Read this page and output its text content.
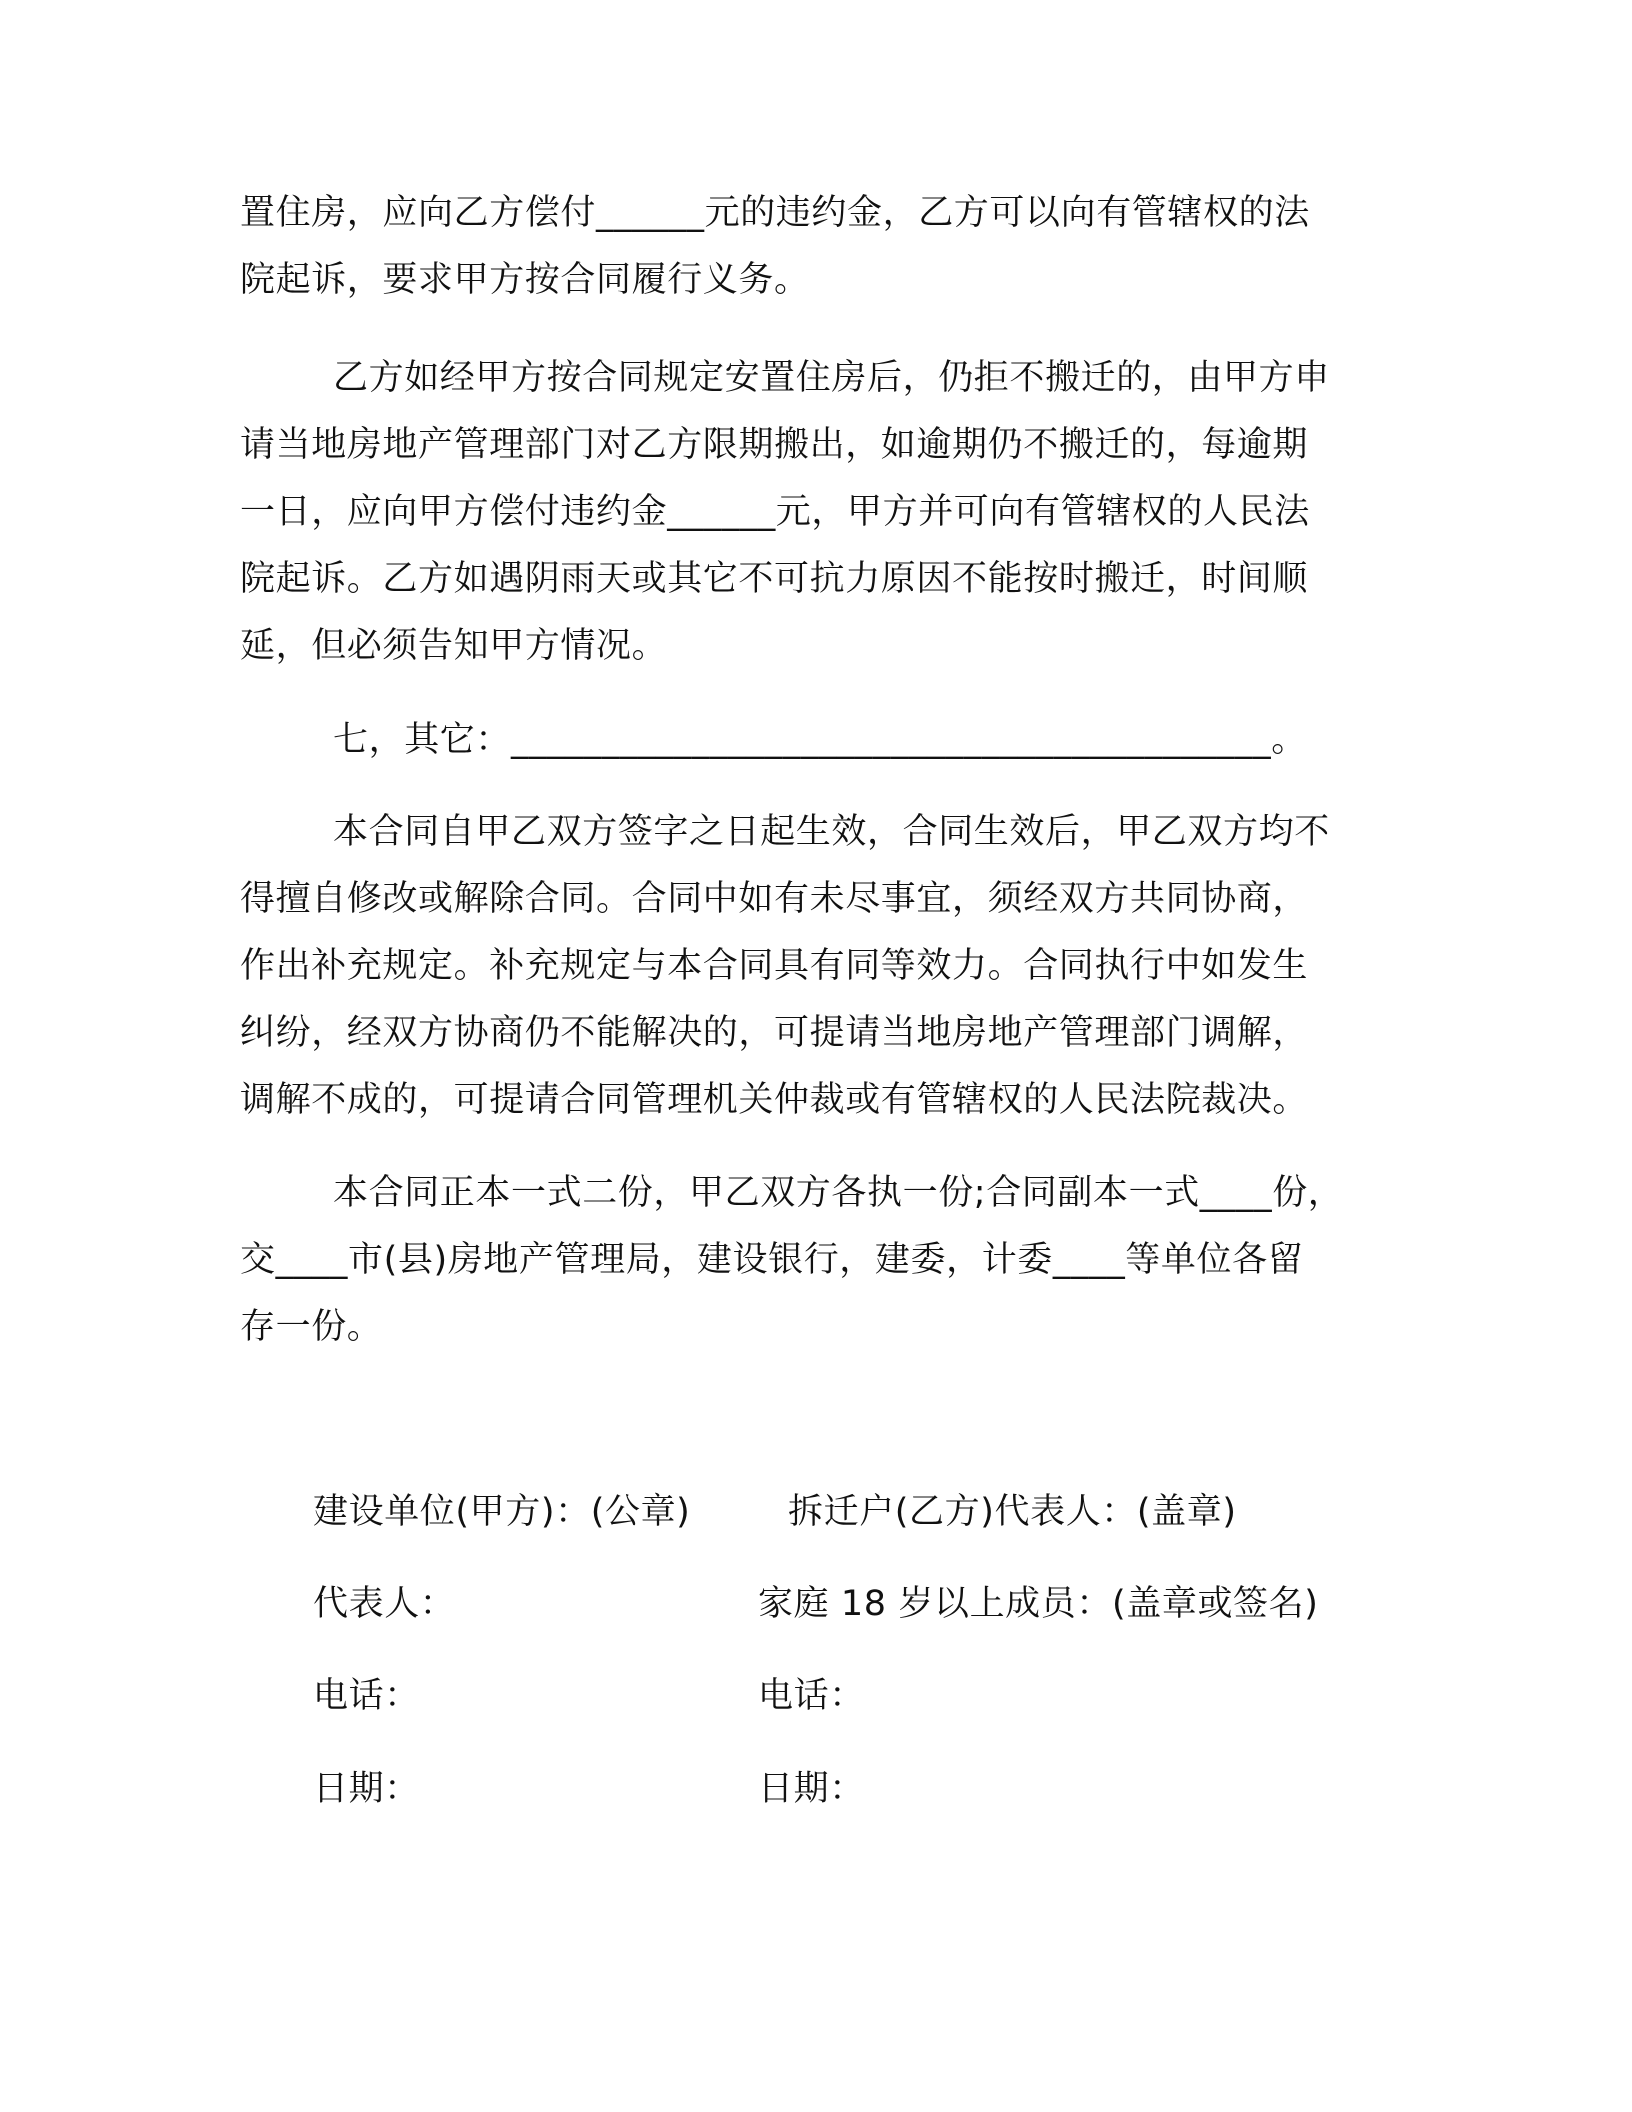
置住房，应向乙方偿付______元的违约金，乙方可以向有管辖权的法
院起诉，要求甲方按合同履行义务。
乙方如经甲方按合同规定安置住房后，仍拒不搬迁的，由甲方申
请当地房地产管理部门对乙方限期搬出，如逾期仍不搬迁的，每逾期
一日，应向甲方偿付违约金______元，甲方并可向有管辖权的人民法
院起诉。乙方如遇阴雨天或其它不可抗力原因不能按时搬迁，时间顺
延，但必须告知甲方情况。
七，其它：__________________________________________。
本合同自甲乙双方签字之日起生效，合同生效后，甲乙双方均不
得擅自修改或解除合同。合同中如有未尽事宜，须经双方共同协商，
作出补充规定。补充规定与本合同具有同等效力。合同执行中如发生
纠纷，经双方协商仍不能解决的，可提请当地房地产管理部门调解，
调解不成的，可提请合同管理机关仲裁或有管辖权的人民法院裁决。
本合同正本一式二份，甲乙双方各执一份;合同副本一式____份，
交____市(县)房地产管理局，建设银行，建委，计委____等单位各留
存一份。
建设单位(甲方)：(公章)	拆迁户(乙方)代表人：(盖章)
代表人：	家庭 18 岁以上成员：(盖章或签名)
电话：	电话：
日期：	日期：
